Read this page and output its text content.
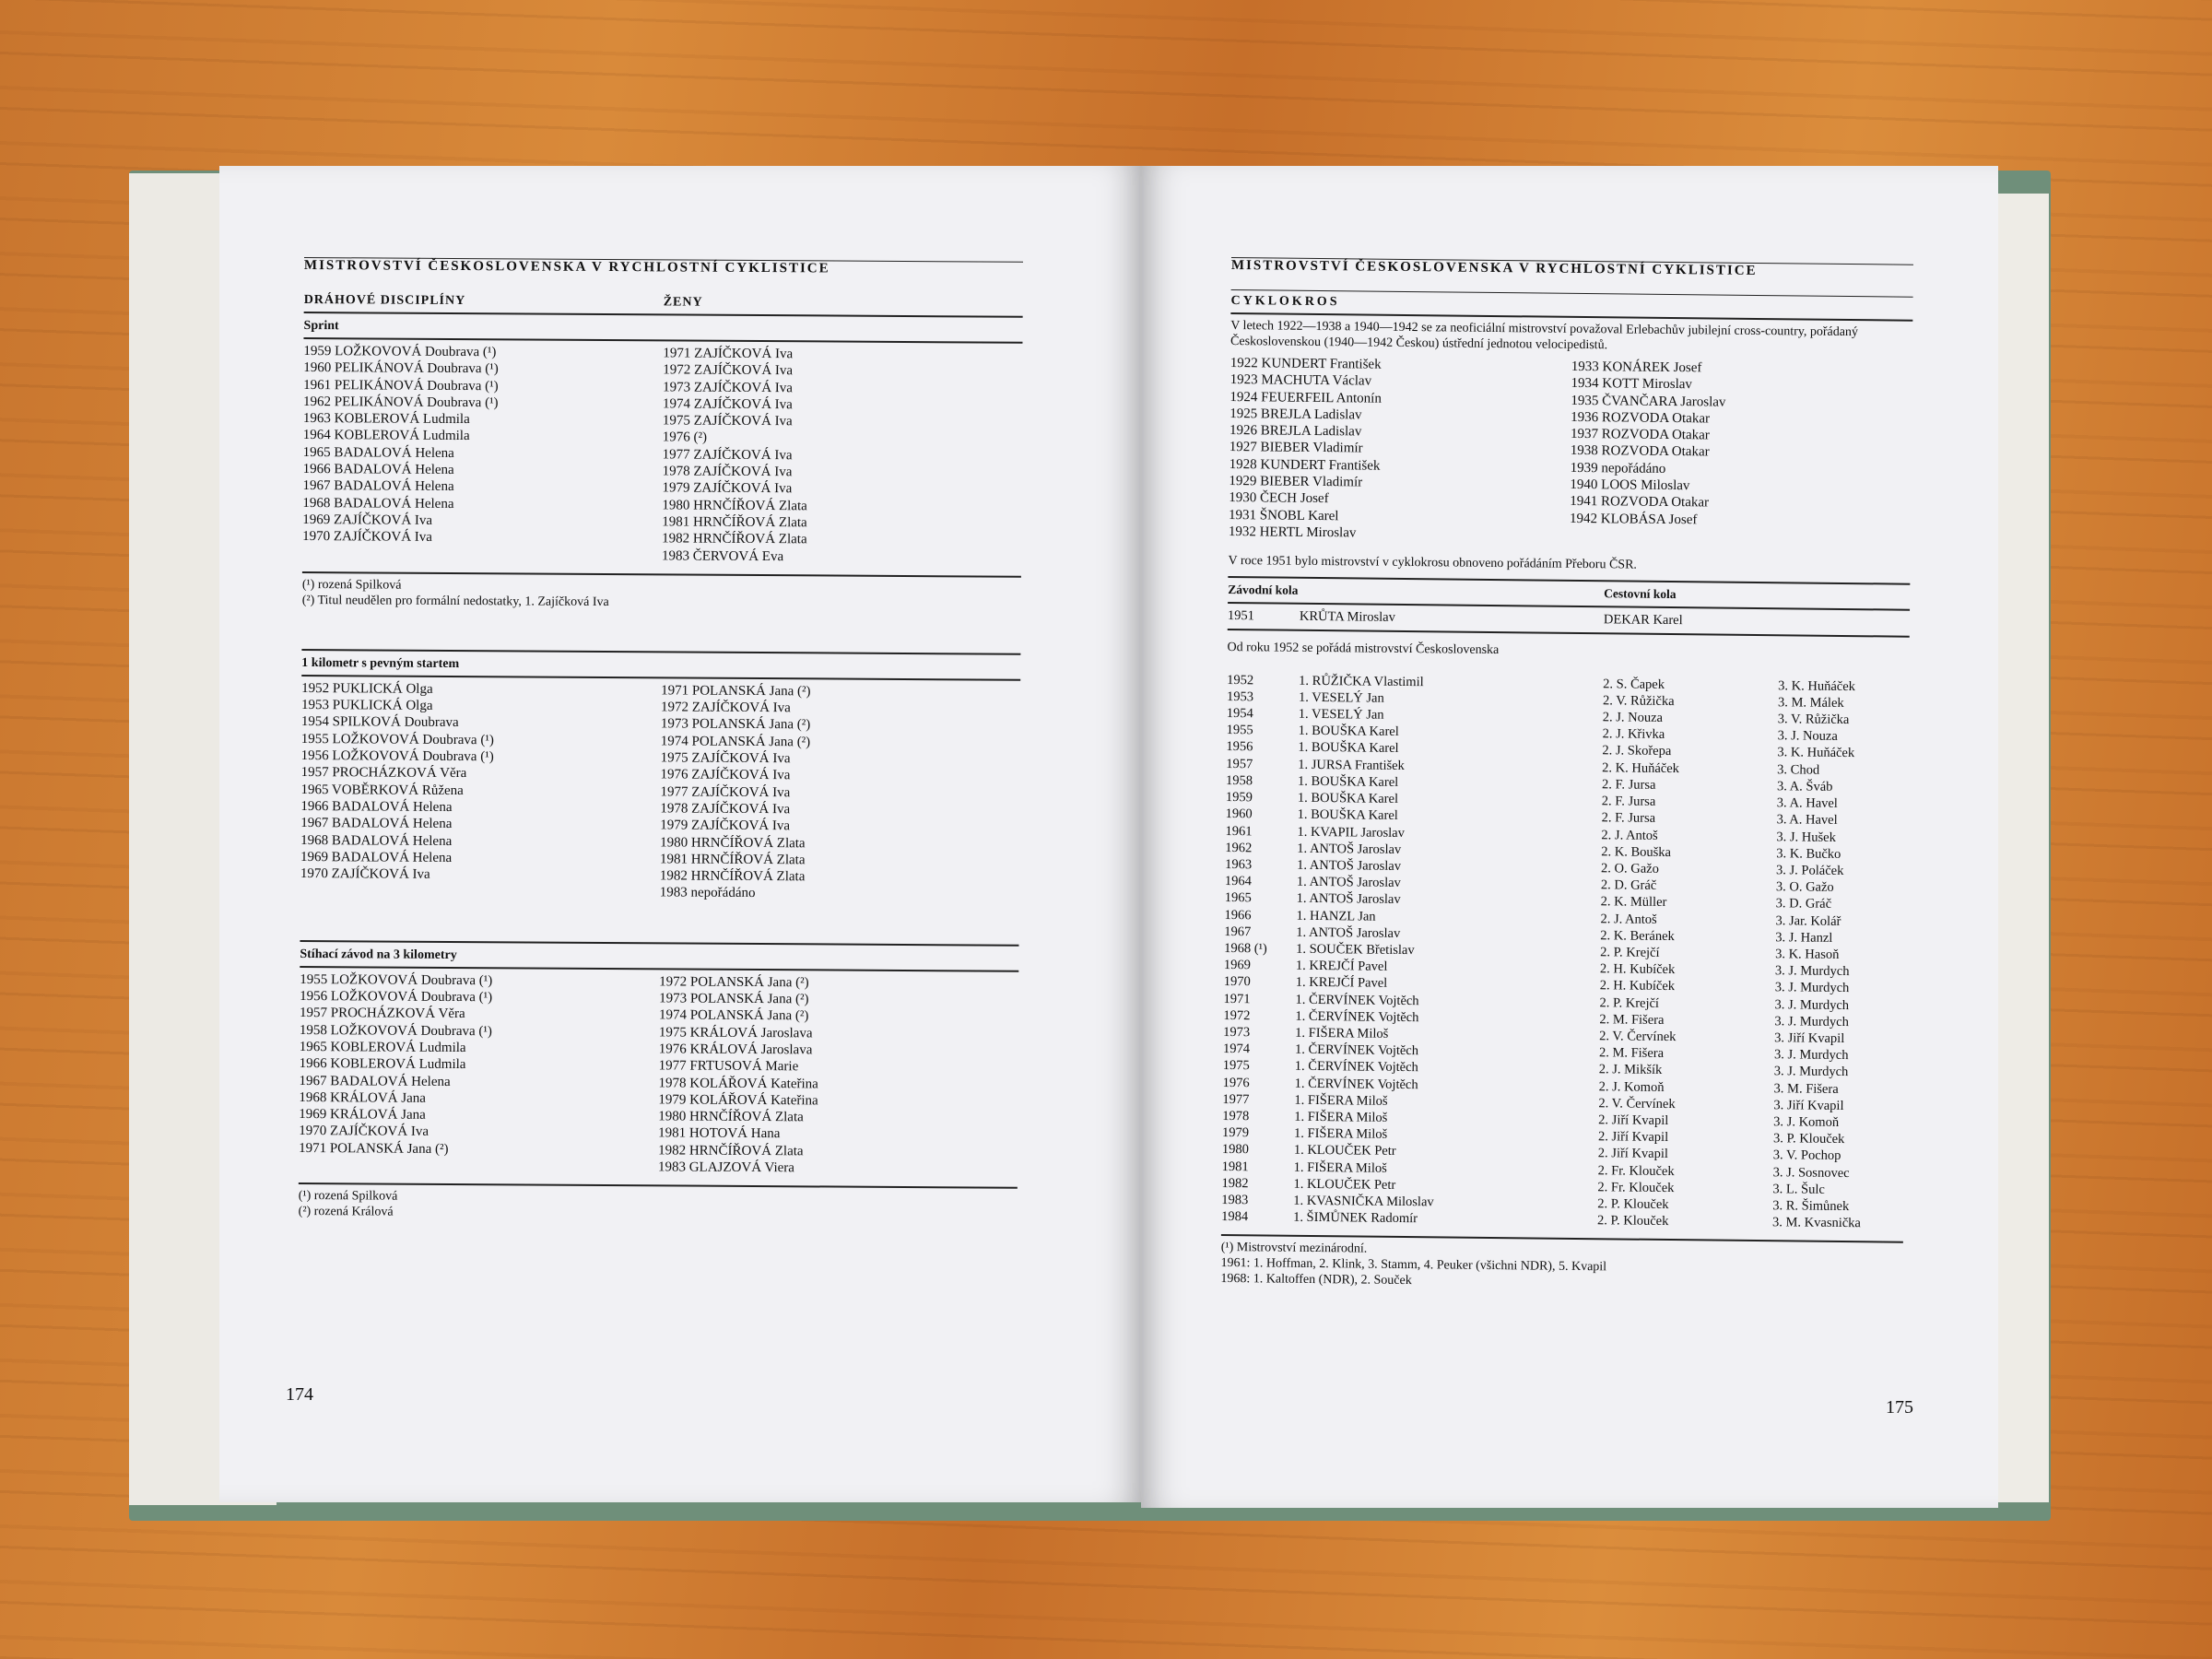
MISTROVSTVÍ ČESKOSLOVENSKA V RYCHLOSTNÍ CYKLISTICE
DRÁHOVÉ DISCIPLÍNY	ŽENY
Sprint
1959 LOŽKOVOVÁ Doubrava (¹)
1960 PELIKÁNOVÁ Doubrava (¹)
1961 PELIKÁNOVÁ Doubrava (¹)
1962 PELIKÁNOVÁ Doubrava (¹)
1963 KOBLEROVÁ Ludmila
1964 KOBLEROVÁ Ludmila
1965 BADALOVÁ Helena
1966 BADALOVÁ Helena
1967 BADALOVÁ Helena
1968 BADALOVÁ Helena
1969 ZAJÍČKOVÁ Iva
1970 ZAJÍČKOVÁ Iva
1971 ZAJÍČKOVÁ Iva
1972 ZAJÍČKOVÁ Iva
1973 ZAJÍČKOVÁ Iva
1974 ZAJÍČKOVÁ Iva
1975 ZAJÍČKOVÁ Iva
1976 (²)
1977 ZAJÍČKOVÁ Iva
1978 ZAJÍČKOVÁ Iva
1979 ZAJÍČKOVÁ Iva
1980 HRNČÍŘOVÁ Zlata
1981 HRNČÍŘOVÁ Zlata
1982 HRNČÍŘOVÁ Zlata
1983 ČERVOVÁ Eva
(¹) rozená Spilková
(²) Titul neudělen pro formální nedostatky, 1. Zajíčková Iva
1 kilometr s pevným startem
1952 PUKLICKÁ Olga
1953 PUKLICKÁ Olga
1954 SPILKOVÁ Doubrava
1955 LOŽKOVOVÁ Doubrava (¹)
1956 LOŽKOVOVÁ Doubrava (¹)
1957 PROCHÁZKOVÁ Věra
1965 VOBĚRKOVÁ Růžena
1966 BADALOVÁ Helena
1967 BADALOVÁ Helena
1968 BADALOVÁ Helena
1969 BADALOVÁ Helena
1970 ZAJÍČKOVÁ Iva
1971 POLANSKÁ Jana (²)
1972 ZAJÍČKOVÁ Iva
1973 POLANSKÁ Jana (²)
1974 POLANSKÁ Jana (²)
1975 ZAJÍČKOVÁ Iva
1976 ZAJÍČKOVÁ Iva
1977 ZAJÍČKOVÁ Iva
1978 ZAJÍČKOVÁ Iva
1979 ZAJÍČKOVÁ Iva
1980 HRNČÍŘOVÁ Zlata
1981 HRNČÍŘOVÁ Zlata
1982 HRNČÍŘOVÁ Zlata
1983 nepořádáno
Stíhací závod na 3 kilometry
1955 LOŽKOVOVÁ Doubrava (¹)
1956 LOŽKOVOVÁ Doubrava (¹)
1957 PROCHÁZKOVÁ Věra
1958 LOŽKOVOVÁ Doubrava (¹)
1965 KOBLEROVÁ Ludmila
1966 KOBLEROVÁ Ludmila
1967 BADALOVÁ Helena
1968 KRÁLOVÁ Jana
1969 KRÁLOVÁ Jana
1970 ZAJÍČKOVÁ Iva
1971 POLANSKÁ Jana (²)
1972 POLANSKÁ Jana (²)
1973 POLANSKÁ Jana (²)
1974 POLANSKÁ Jana (²)
1975 KRÁLOVÁ Jaroslava
1976 KRÁLOVÁ Jaroslava
1977 FRTUSOVÁ Marie
1978 KOLÁŘOVÁ Kateřina
1979 KOLÁŘOVÁ Kateřina
1980 HRNČÍŘOVÁ Zlata
1981 HOTOVÁ Hana
1982 HRNČÍŘOVÁ Zlata
1983 GLAJZOVÁ Viera
(¹) rozená Spilková
(²) rozená Králová
174
MISTROVSTVÍ ČESKOSLOVENSKA V RYCHLOSTNÍ CYKLISTICE
CYKLOKROS
V letech 1922—1938 a 1940—1942 se za neoficiální mistrovství považoval Erlebachův jubilejní cross-country, pořádaný Československou (1940—1942 Českou) ústřední jednotou velocipedistů.
1922 KUNDERT František
1923 MACHUTA Václav
1924 FEUERFEIL Antonín
1925 BREJLA Ladislav
1926 BREJLA Ladislav
1927 BIEBER Vladimír
1928 KUNDERT František
1929 BIEBER Vladimír
1930 ČECH Josef
1931 ŠNOBL Karel
1932 HERTL Miroslav
1933 KONÁREK Josef
1934 KOTT Miroslav
1935 ČVANČARA Jaroslav
1936 ROZVODA Otakar
1937 ROZVODA Otakar
1938 ROZVODA Otakar
1939 nepořádáno
1940 LOOS Miloslav
1941 ROZVODA Otakar
1942 KLOBÁSA Josef
V roce 1951 bylo mistrovství v cyklokrosu obnoveno pořádáním Přeboru ČSR.
Závodní kola	Cestovní kola
1951	KRŮTA Miroslav	DEKAR Karel
Od roku 1952 se pořádá mistrovství Československa
1952	1. RŮŽIČKA Vlastimil	2. S. Čapek	3. K. Huňáček
1953	1. VESELÝ Jan	2. V. Růžička	3. M. Málek
1954	1. VESELÝ Jan	2. J. Nouza	3. V. Růžička
1955	1. BOUŠKA Karel	2. J. Křivka	3. J. Nouza
1956	1. BOUŠKA Karel	2. J. Skořepa	3. K. Huňáček
1957	1. JURSA František	2. K. Huňáček	3. Chod
1958	1. BOUŠKA Karel	2. F. Jursa	3. A. Šváb
1959	1. BOUŠKA Karel	2. F. Jursa	3. A. Havel
1960	1. BOUŠKA Karel	2. F. Jursa	3. A. Havel
1961	1. KVAPIL Jaroslav	2. J. Antoš	3. J. Hušek
1962	1. ANTOŠ Jaroslav	2. K. Bouška	3. K. Bučko
1963	1. ANTOŠ Jaroslav	2. O. Gažo	3. J. Poláček
1964	1. ANTOŠ Jaroslav	2. D. Gráč	3. O. Gažo
1965	1. ANTOŠ Jaroslav	2. K. Müller	3. D. Gráč
1966	1. HANZL Jan	2. J. Antoš	3. Jar. Kolář
1967	1. ANTOŠ Jaroslav	2. K. Beránek	3. J. Hanzl
1968 (¹)	1. SOUČEK Břetislav	2. P. Krejčí	3. K. Hasoň
1969	1. KREJČÍ Pavel	2. H. Kubíček	3. J. Murdych
1970	1. KREJČÍ Pavel	2. H. Kubíček	3. J. Murdych
1971	1. ČERVÍNEK Vojtěch	2. P. Krejčí	3. J. Murdych
1972	1. ČERVÍNEK Vojtěch	2. M. Fišera	3. J. Murdych
1973	1. FIŠERA Miloš	2. V. Červínek	3. Jiří Kvapil
1974	1. ČERVÍNEK Vojtěch	2. M. Fišera	3. J. Murdych
1975	1. ČERVÍNEK Vojtěch	2. J. Mikšík	3. J. Murdych
1976	1. ČERVÍNEK Vojtěch	2. J. Komoň	3. M. Fišera
1977	1. FIŠERA Miloš	2. V. Červínek	3. Jiří Kvapil
1978	1. FIŠERA Miloš	2. Jiří Kvapil	3. J. Komoň
1979	1. FIŠERA Miloš	2. Jiří Kvapil	3. P. Klouček
1980	1. KLOUČEK Petr	2. Jiří Kvapil	3. V. Pochop
1981	1. FIŠERA Miloš	2. Fr. Klouček	3. J. Sosnovec
1982	1. KLOUČEK Petr	2. Fr. Klouček	3. L. Šulc
1983	1. KVASNIČKA Miloslav	2. P. Klouček	3. R. Šimůnek
1984	1. ŠIMŮNEK Radomír	2. P. Klouček	3. M. Kvasnička
(¹) Mistrovství mezinárodní.
1961: 1. Hoffman, 2. Klink, 3. Stamm, 4. Peuker (všichni NDR), 5. Kvapil
1968: 1. Kaltoffen (NDR), 2. Souček
175
